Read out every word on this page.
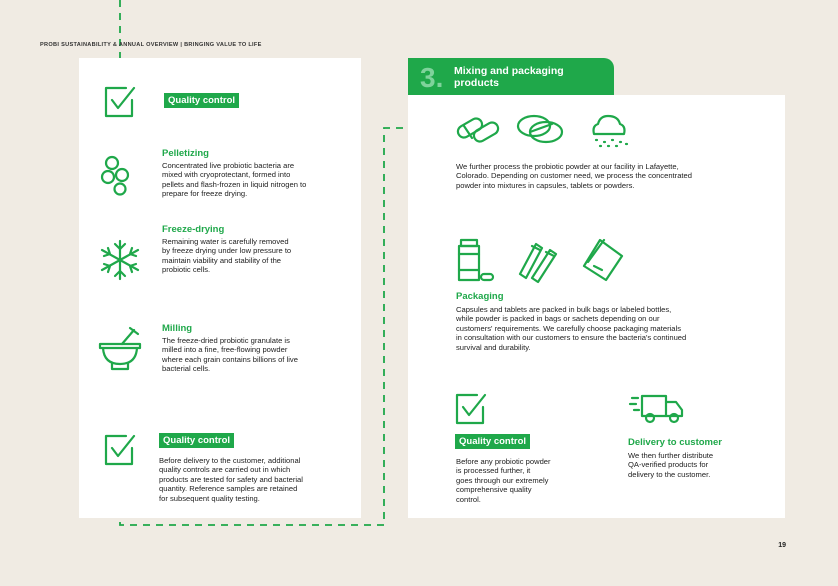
PROBI SUSTAINABILITY & ANNUAL OVERVIEW | BRINGING VALUE TO LIFE
Quality control
Pelletizing
Concentrated live probiotic bacteria are
mixed with cryoprotectant, formed into
pellets and flash-frozen in liquid nitrogen to
prepare for freeze drying.
Freeze-drying
Remaining water is carefully removed
by freeze drying under low pressure to
maintain viability and stability of the
probiotic cells.
Milling
The freeze-dried probiotic granulate is
milled into a fine, free-flowing powder
where each grain contains billions of live
bacterial cells.
Quality control
Before delivery to the customer, additional
quality controls are carried out in which
products are tested for safety and bacterial
quantity. Reference samples are retained
for subsequent quality testing.
3. Mixing and packaging
products
We further process the probiotic powder at our facility in Lafayette,
Colorado. Depending on customer need, we process the concentrated
powder into mixtures in capsules, tablets or powders.
Packaging
Capsules and tablets are packed in bulk bags or labeled bottles,
while powder is packed in bags or sachets depending on our
customers' requirements. We carefully choose packaging materials
in consultation with our customers to ensure the bacteria's continued
survival and durability.
Quality control
Before any probiotic powder
is processed further, it
goes through our extremely
comprehensive quality
control.
Delivery to customer
We then further distribute
QA-verified products for
delivery to the customer.
19
